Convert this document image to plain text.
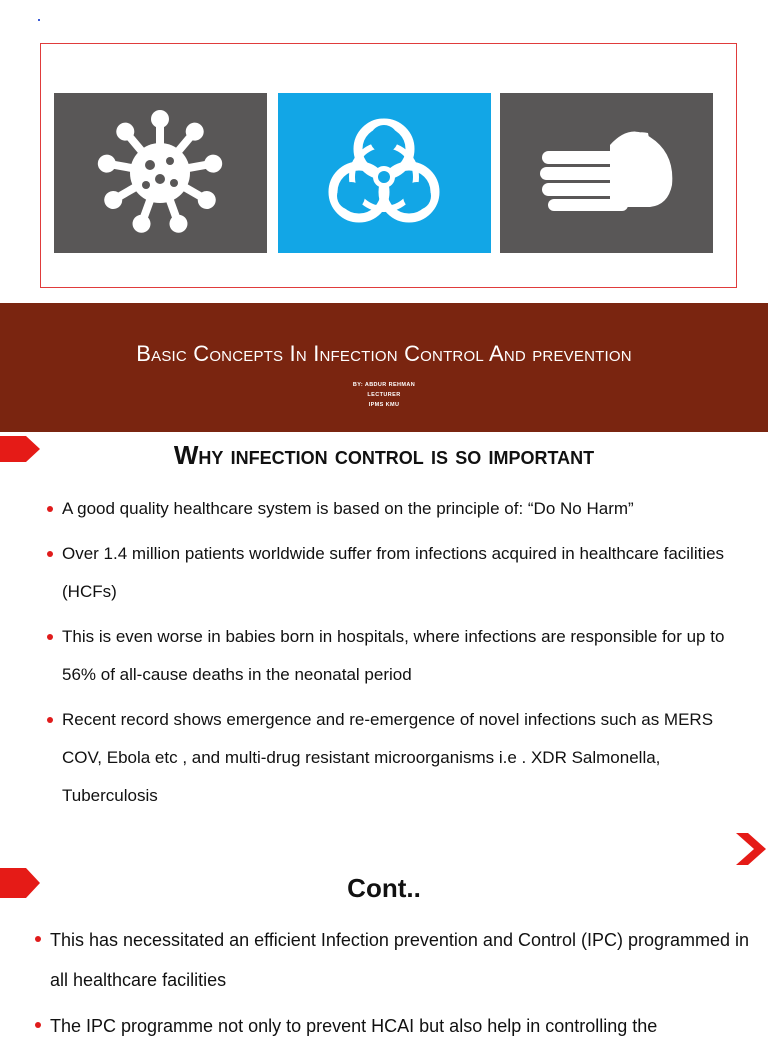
Basic Concepts In Infection Control And prevention
BY: ABDUR REHMAN
LECTURER
IPMS KMU
Why infection control is so important
A good quality healthcare system is based on the principle of: “Do No Harm”
Over 1.4 million patients worldwide suffer from infections acquired in healthcare facilities (HCFs)
This is even worse in babies born in hospitals, where infections are responsible for up to 56% of all-cause deaths in the neonatal period
Recent record shows emergence and re-emergence of novel infections such as MERS COV, Ebola etc , and multi-drug resistant microorganisms i.e . XDR Salmonella, Tuberculosis
Cont..
This has necessitated an efficient Infection prevention and Control (IPC) programmed in all healthcare facilities
The IPC programme not only to prevent HCAI but also help in controlling the
